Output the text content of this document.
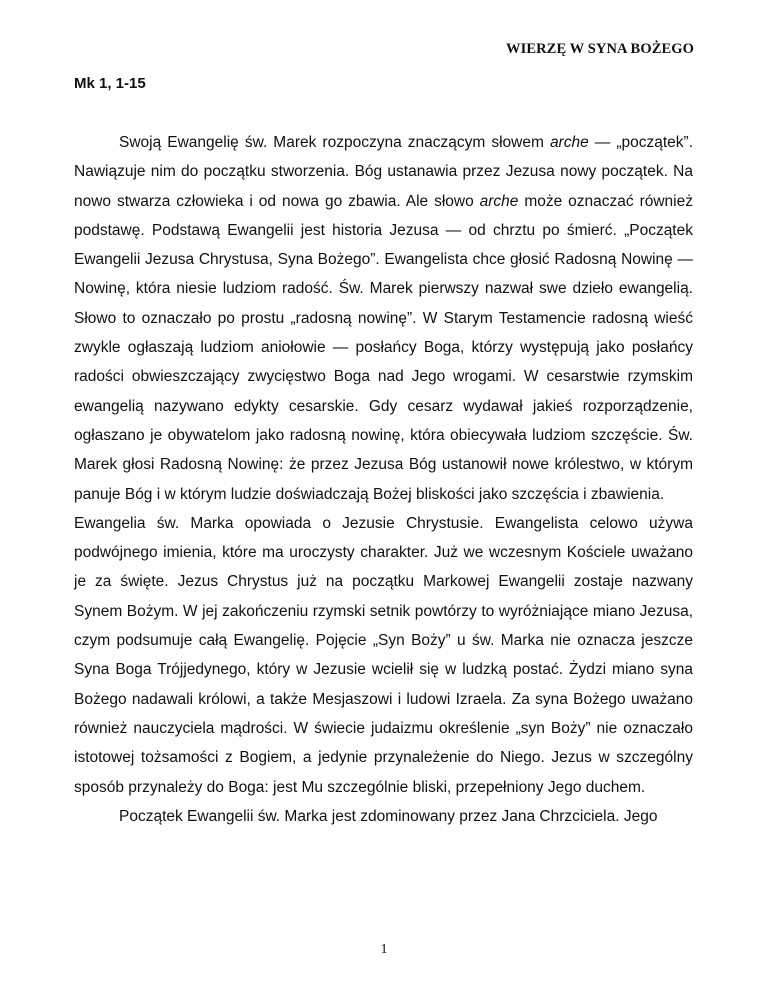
WIERZĘ W SYNA BOŻEGO
Mk 1, 1-15

Swoją Ewangelię św. Marek rozpoczyna znaczącym słowem arche — „początek”. Nawiązuje nim do początku stworzenia. Bóg ustanawia przez Jezusa nowy początek. Na nowo stwarza człowieka i od nowa go zbawia. Ale słowo arche może oznaczać również podstawę. Podstawą Ewangelii jest historia Jezusa — od chrztu po śmierć. „Początek Ewangelii Jezusa Chrystusa, Syna Bożego”. Ewangelista chce głosić Radosną Nowinę — Nowinę, która niesie ludziom radość. Św. Marek pierwszy nazwał swe dzieło ewangelią. Słowo to oznaczało po prostu „radosną nowinę”. W Starym Testamencie radosną wieść zwykle ogłaszają ludziom aniołowie — posłańcy Boga, którzy występują jako posłańcy radości obwieszczający zwycięstwo Boga nad Jego wrogami. W cesarstwie rzymskim ewangelią nazywano edykty cesarskie. Gdy cesarz wydawał jakieś rozporządzenie, ogłaszano je obywatelom jako radosną nowinę, która obiecywała ludziom szczęście. Św. Marek głosi Radosną Nowinę: że przez Jezusa Bóg ustanowił nowe królestwo, w którym panuje Bóg i w którym ludzie doświadczają Bożej bliskości jako szczęścia i zbawienia.

Ewangelia św. Marka opowiada o Jezusie Chrystusie. Ewangelista celowo używa podwójnego imienia, które ma uroczysty charakter. Już we wczesnym Kościele uważano je za święte. Jezus Chrystus już na początku Markowej Ewangelii zostaje nazwany Synem Bożym. W jej zakończeniu rzymski setnik powtórzy to wyróżniające miano Jezusa, czym podsumuje całą Ewangelię. Pojęcie „Syn Boży” u św. Marka nie oznacza jeszcze Syna Boga Trójjedynego, który w Jezusie wcielił się w ludzką postać. Żydzi miano syna Bożego nadawali królowi, a także Mesjaszowi i ludowi Izraela. Za syna Bożego uważano również nauczyciela mądrości. W świecie judaizmu określenie „syn Boży” nie oznaczało istotowej tożsamości z Bogiem, a jedynie przynależenie do Niego. Jezus w szczególny sposób przynależy do Boga: jest Mu szczególnie bliski, przepełniony Jego duchem.

Początek Ewangelii św. Marka jest zdominowany przez Jana Chrzciciela. Jego

1
